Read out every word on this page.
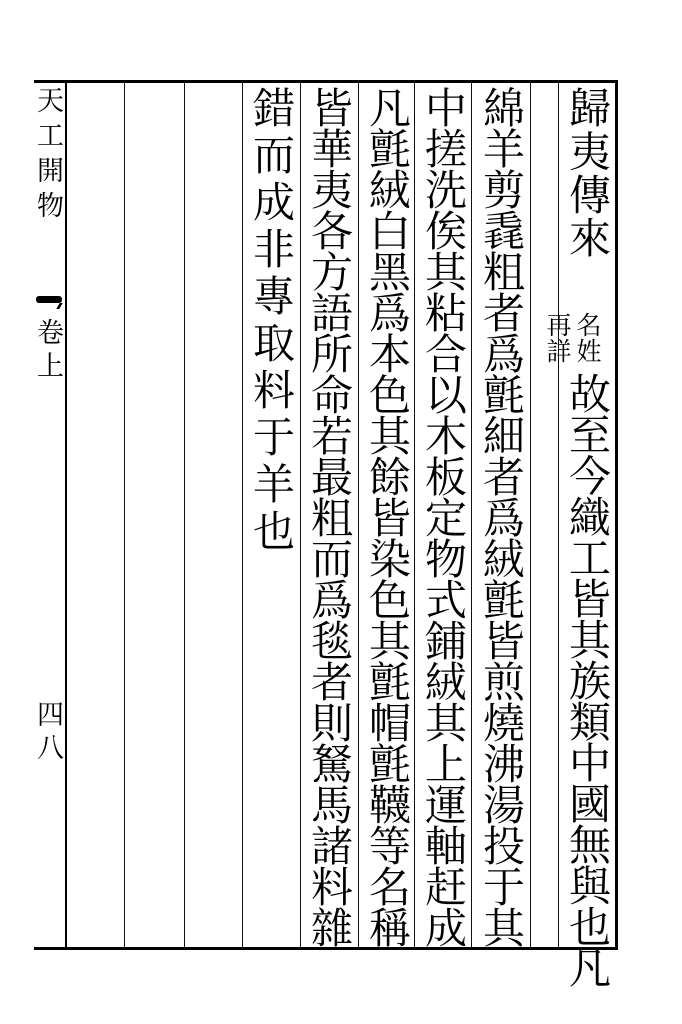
天工開物
卷上
四八
歸夷傳來
名姓
再詳
故至今織工皆其族類中國無與也凡
綿羊剪毳粗者爲氈細者爲絨氈皆煎燒沸湯投于其
中搓洗俟其粘合以木板定物式鋪絨其上運軸赶成
凡氈絨白黑爲本色其餘皆染色其氈帽氈韈等名稱
皆華夷各方語所命若最粗而爲毯者則駑馬諸料雜
錯而成非專取料于羊也
